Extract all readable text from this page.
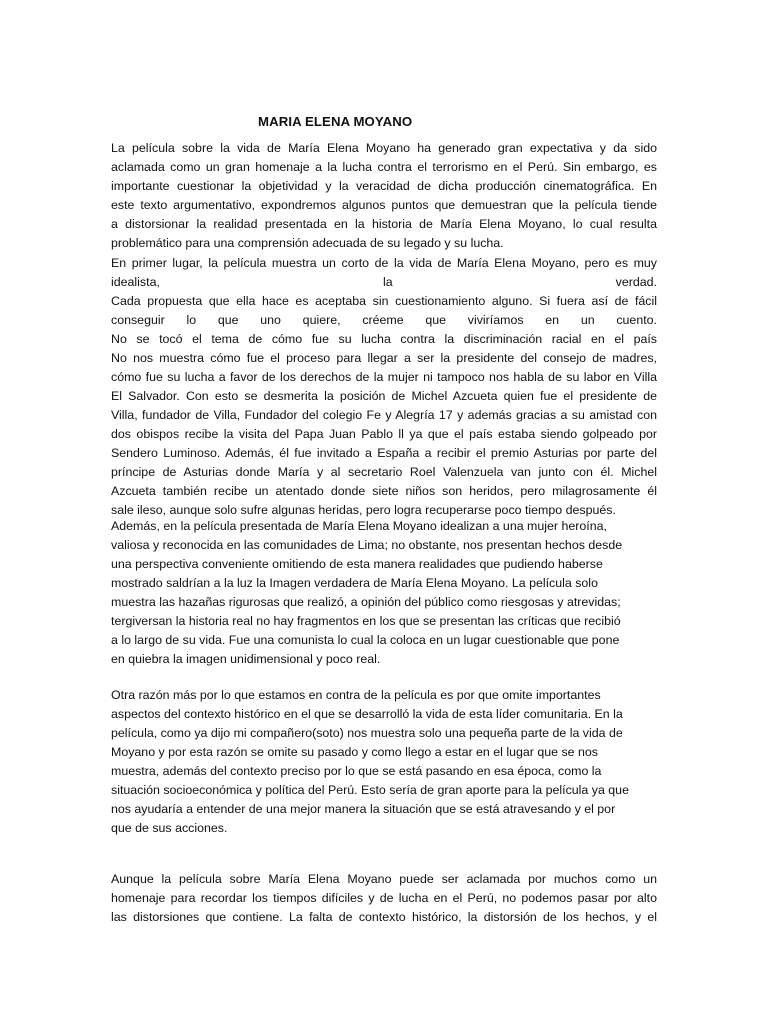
MARIA ELENA MOYANO

La película sobre la vida de María Elena Moyano ha generado gran expectativa y da sido
aclamada como un gran homenaje a la lucha contra el terrorismo en el Perú. Sin embargo, es
importante cuestionar la objetividad y la veracidad de dicha producción cinematográfica. En
este texto argumentativo, expondremos algunos puntos que demuestran que la película tiende
a distorsionar la realidad presentada en la historia de María Elena Moyano, lo cual resulta
problemático para una comprensión adecuada de su legado y su lucha.

En primer lugar, la película muestra un corto de la vida de María Elena Moyano, pero es muy
idealista, la verdad.
Cada propuesta que ella hace es aceptaba sin cuestionamiento alguno. Si fuera así de fácil
conseguir lo que uno quiere, créeme que viviríamos en un cuento.
No se tocó el tema de cómo fue su lucha contra la discriminación racial en el país
No nos muestra cómo fue el proceso para llegar a ser la presidente del consejo de madres,
cómo fue su lucha a favor de los derechos de la mujer ni tampoco nos habla de su labor en Villa
El Salvador. Con esto se desmerita la posición de Michel Azcueta quien fue el presidente de
Villa, fundador de Villa, Fundador del colegio Fe y Alegría 17 y además gracias a su amistad con
dos obispos recibe la visita del Papa Juan Pablo ll ya que el país estaba siendo golpeado por
Sendero Luminoso. Además, él fue invitado a España a recibir el premio Asturias por parte del
príncipe de Asturias donde María y al secretario Roel Valenzuela van junto con él. Michel
Azcueta también recibe un atentado donde siete niños son heridos, pero milagrosamente él
sale ileso, aunque solo sufre algunas heridas, pero logra recuperarse poco tiempo después.

Además, en la película presentada de María Elena Moyano idealizan a una mujer heroína,
valiosa y reconocida en las comunidades de Lima; no obstante, nos presentan hechos desde
una perspectiva conveniente omitiendo de esta manera realidades que pudiendo haberse
mostrado saldrían a la luz la Imagen verdadera de María Elena Moyano. La película solo
muestra las hazañas rigurosas que realizó, a opinión del público como riesgosas y atrevidas;
tergiversan la historia real no hay fragmentos en los que se presentan las críticas que recibió
a lo largo de su vida. Fue una comunista lo cual la coloca en un lugar cuestionable que pone
en quiebra la imagen unidimensional y poco real.

Otra razón más por lo que estamos en contra de la película es por que omite importantes
aspectos del contexto histórico en el que se desarrolló la vida de esta líder comunitaria. En la
película, como ya dijo mi compañero(soto) nos muestra solo una pequeña parte de la vida de
Moyano y por esta razón se omite su pasado y como llego a estar en el lugar que se nos
muestra, además del contexto preciso por lo que se está pasando en esa época, como la
situación socioeconómica y política del Perú. Esto sería de gran aporte para la película ya que
nos ayudaría a entender de una mejor manera la situación que se está atravesando y el por
que de sus acciones.

Aunque la película sobre María Elena Moyano puede ser aclamada por muchos como un
homenaje para recordar los tiempos difíciles y de lucha en el Perú, no podemos pasar por alto
las distorsiones que contiene. La falta de contexto histórico, la distorsión de los hechos, y el
